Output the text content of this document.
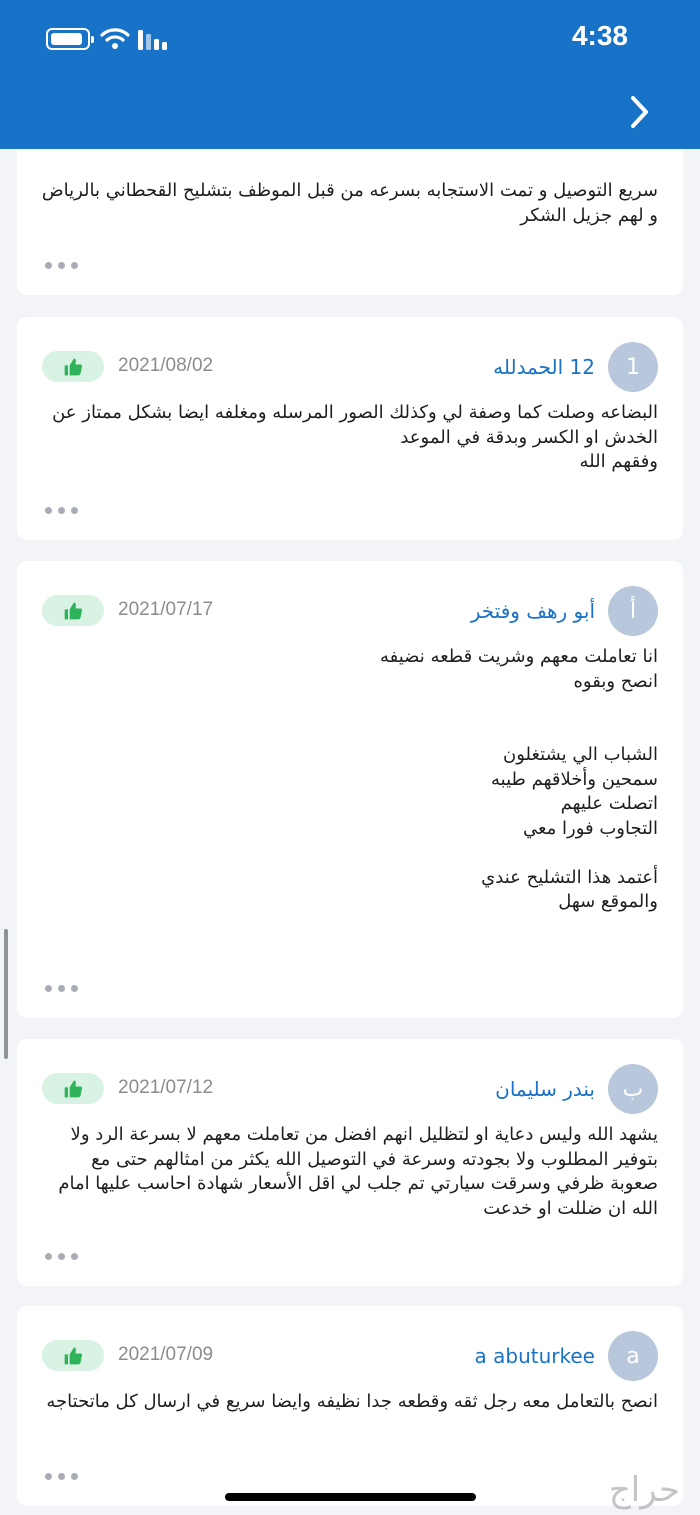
4:38
سريع التوصيل و تمت الاستجابه بسرعه من قبل الموظف بتشليح القحطاني بالرياض و لهم جزيل الشكر
1
12 الحمدلله
2021/08/02
البضاعه وصلت كما وصفة لي وكذلك الصور المرسله ومغلفه ايضا بشكل ممتاز عن الخدش او الكسر وبدقة في الموعد
وفقهم الله
أ
أبو رهف وفتخر
2021/07/17
انا تعاملت معهم وشريت قطعه نضيفه
انصح وبقوه

الشباب الي يشتغلون
سمحين وأخلاقهم طيبه
اتصلت عليهم
التجاوب فورا معي

أعتمد هذا التشليح عندي
والموقع سهل
ب
بندر سليمان
2021/07/12
يشهد الله وليس دعاية او لتظليل انهم افضل من تعاملت معهم لا بسرعة الرد ولا بتوفير المطلوب ولا بجودته وسرعة في التوصيل الله يكثر من امثالهم حتى مع صعوبة ظرفي وسرقت سيارتي تم جلب لي اقل الأسعار شهادة احاسب عليها امام الله ان ضللت او خدعت
a
a abuturkee
2021/07/09
انصح بالتعامل معه رجل ثقه وقطعه جدا نظيفه وايضا سريع في ارسال كل ماتحتاجه
حراج
